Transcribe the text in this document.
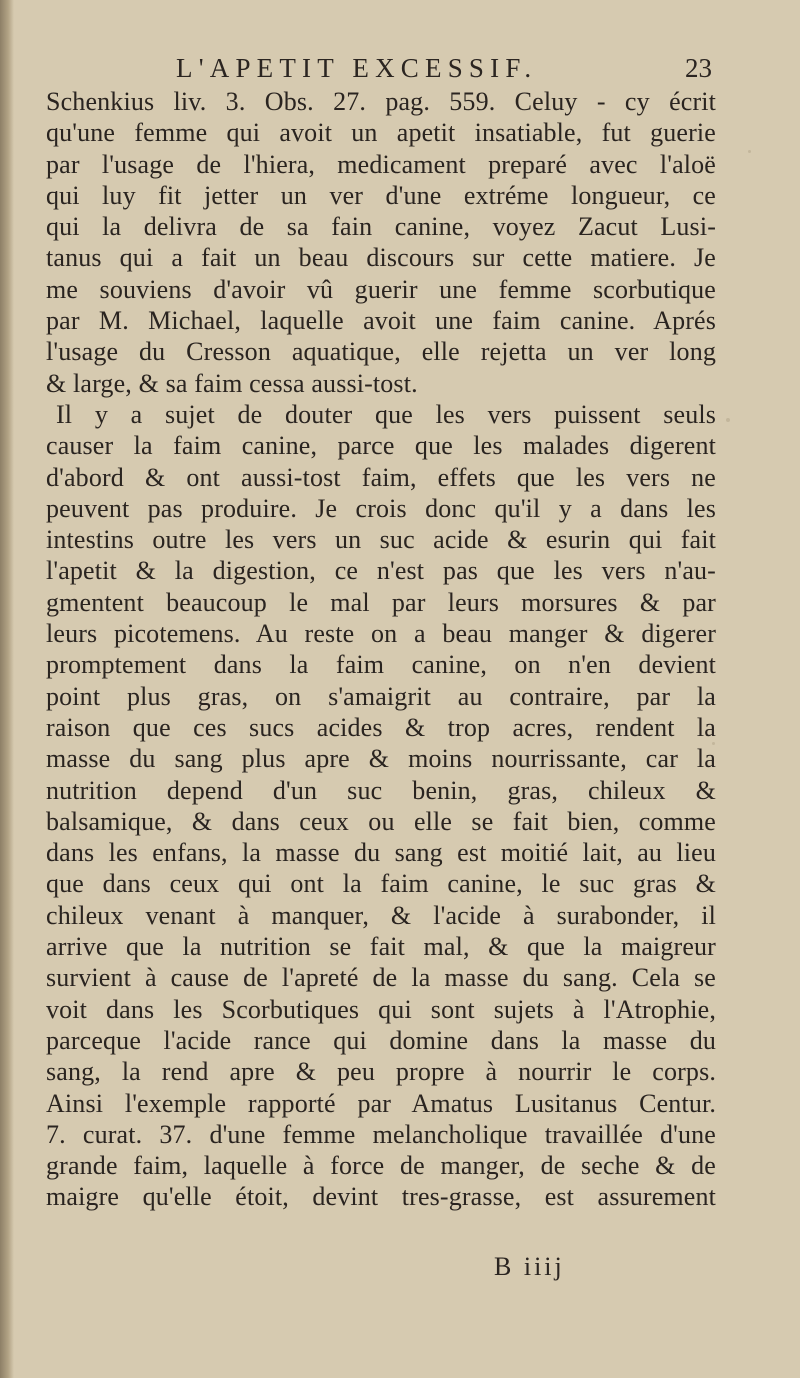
L'APETIT EXCESSIF.	23
Schenkius liv. 3. Obs. 27. pag. 559. Celuy - cy écrit
qu'une femme qui avoit un apetit insatiable, fut guerie
par l'usage de l'hiera, medicament preparé avec l'aloë
qui luy fit jetter un ver d'une extréme longueur, ce
qui la delivra de sa fain canine, voyez Zacut Lusi-
tanus qui a fait un beau discours sur cette matiere. Je
me souviens d'avoir vû guerir une femme scorbutique
par M. Michael, laquelle avoit une faim canine. Aprés
l'usage du Cresson aquatique, elle rejetta un ver long
& large, & sa faim cessa aussi-tost.
Il y a sujet de douter que les vers puissent seuls
causer la faim canine, parce que les malades digerent
d'abord & ont aussi-tost faim, effets que les vers ne
peuvent pas produire. Je crois donc qu'il y a dans les
intestins outre les vers un suc acide & esurin qui fait
l'apetit & la digestion, ce n'est pas que les vers n'au-
gmentent beaucoup le mal par leurs morsures & par
leurs picotemens. Au reste on a beau manger & digerer
promptement dans la faim canine, on n'en devient
point plus gras, on s'amaigrit au contraire, par la
raison que ces sucs acides & trop acres, rendent la
masse du sang plus apre & moins nourrissante, car la
nutrition depend d'un suc benin, gras, chileux &
balsamique, & dans ceux ou elle se fait bien, comme
dans les enfans, la masse du sang est moitié lait, au lieu
que dans ceux qui ont la faim canine, le suc gras &
chileux venant à manquer, & l'acide à surabonder, il
arrive que la nutrition se fait mal, & que la maigreur
survient à cause de l'apreté de la masse du sang. Cela se
voit dans les Scorbutiques qui sont sujets à l'Atrophie,
parceque l'acide rance qui domine dans la masse du
sang, la rend apre & peu propre à nourrir le corps.
Ainsi l'exemple rapporté par Amatus Lusitanus Centur.
7. curat. 37. d'une femme melancholique travaillée d'une
grande faim, laquelle à force de manger, de seche & de
maigre qu'elle étoit, devint tres-grasse, est assurement
B iiij
